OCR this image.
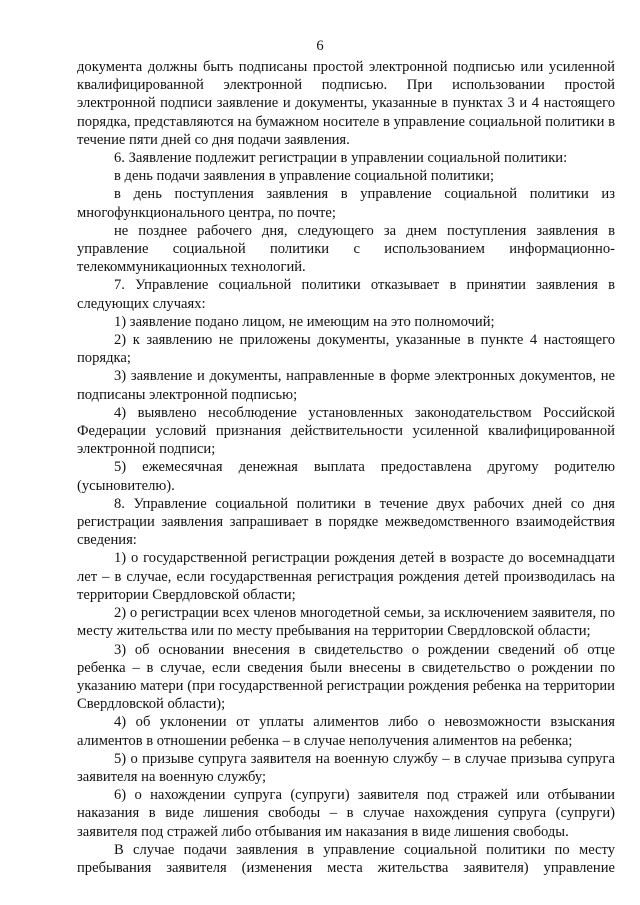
6

документа должны быть подписаны простой электронной подписью или усиленной квалифицированной электронной подписью. При использовании простой электронной подписи заявление и документы, указанные в пунктах 3 и 4 настоящего порядка, представляются на бумажном носителе в управление социальной политики в течение пяти дней со дня подачи заявления.

6. Заявление подлежит регистрации в управлении социальной политики:

в день подачи заявления в управление социальной политики;

в день поступления заявления в управление социальной политики из многофункционального центра, по почте;

не позднее рабочего дня, следующего за днем поступления заявления в управление социальной политики с использованием информационно-телекоммуникационных технологий.

7. Управление социальной политики отказывает в принятии заявления в следующих случаях:

1) заявление подано лицом, не имеющим на это полномочий;

2) к заявлению не приложены документы, указанные в пункте 4 настоящего порядка;

3) заявление и документы, направленные в форме электронных документов, не подписаны электронной подписью;

4) выявлено несоблюдение установленных законодательством Российской Федерации условий признания действительности усиленной квалифицированной электронной подписи;

5) ежемесячная денежная выплата предоставлена другому родителю (усыновителю).

8. Управление социальной политики в течение двух рабочих дней со дня регистрации заявления запрашивает в порядке межведомственного взаимодействия сведения:

1) о государственной регистрации рождения детей в возрасте до восемнадцати лет – в случае, если государственная регистрация рождения детей производилась на территории Свердловской области;

2) о регистрации всех членов многодетной семьи, за исключением заявителя, по месту жительства или по месту пребывания на территории Свердловской области;

3) об основании внесения в свидетельство о рождении сведений об отце ребенка – в случае, если сведения были внесены в свидетельство о рождении по указанию матери (при государственной регистрации рождения ребенка на территории Свердловской области);

4) об уклонении от уплаты алиментов либо о невозможности взыскания алиментов в отношении ребенка – в случае неполучения алиментов на ребенка;

5) о призыве супруга заявителя на военную службу – в случае призыва супруга заявителя на военную службу;

6) о нахождении супруга (супруги) заявителя под стражей или отбывании наказания в виде лишения свободы – в случае нахождения супруга (супруги) заявителя под стражей либо отбывания им наказания в виде лишения свободы.

В случае подачи заявления в управление социальной политики по месту пребывания заявителя (изменения места жительства заявителя) управление
